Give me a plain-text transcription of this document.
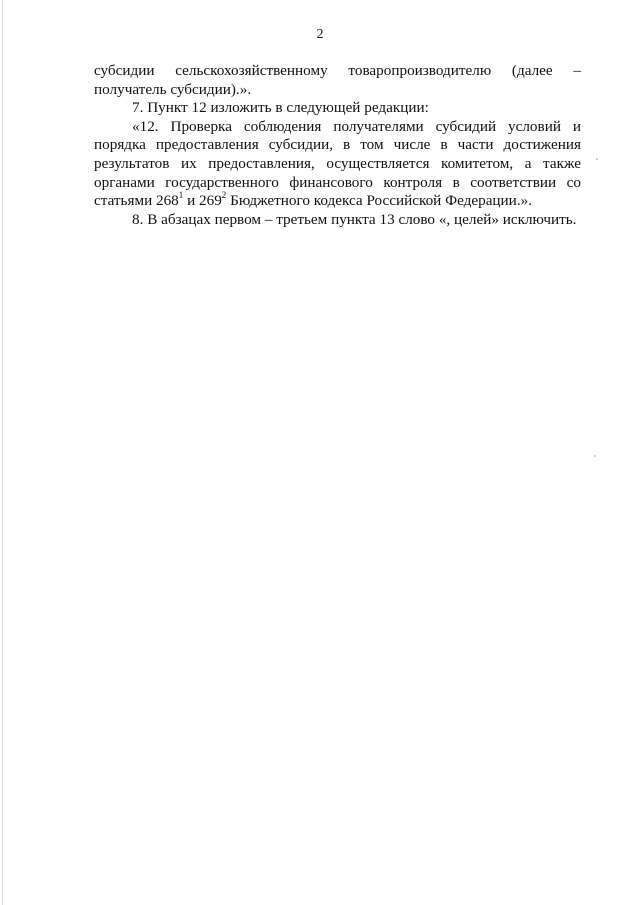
2

субсидии сельскохозяйственному товаропроизводителю (далее – получатель субсидии).».

7. Пункт 12 изложить в следующей редакции:

«12. Проверка соблюдения получателями субсидий условий и порядка предоставления субсидии, в том числе в части достижения результатов их предоставления, осуществляется комитетом, а также органами государственного финансового контроля в соответствии со статьями $268^1$ и $269^2$ Бюджетного кодекса Российской Федерации.».

8. В абзацах первом – третьем пункта 13 слово «, целей» исключить.
